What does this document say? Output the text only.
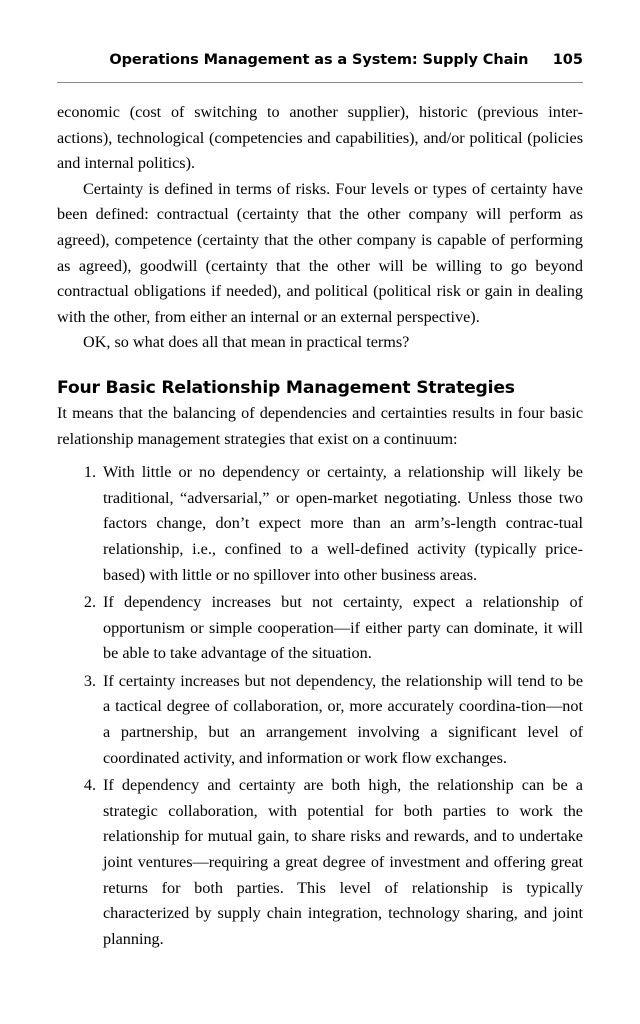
Operations Management as a System: Supply Chain	105

economic (cost of switching to another supplier), historic (previous inter-actions), technological (competencies and capabilities), and/or political (policies and internal politics).

Certainty is defined in terms of risks. Four levels or types of certainty have been defined: contractual (certainty that the other company will perform as agreed), competence (certainty that the other company is capable of performing as agreed), goodwill (certainty that the other will be willing to go beyond contractual obligations if needed), and political (political risk or gain in dealing with the other, from either an internal or an external perspective).

OK, so what does all that mean in practical terms?

Four Basic Relationship Management Strategies

It means that the balancing of dependencies and certainties results in four basic relationship management strategies that exist on a continuum:

1. With little or no dependency or certainty, a relationship will likely be traditional, “adversarial,” or open-market negotiating. Unless those two factors change, don’t expect more than an arm’s-length contrac-tual relationship, i.e., confined to a well-defined activity (typically price-based) with little or no spillover into other business areas.
2. If dependency increases but not certainty, expect a relationship of opportunism or simple cooperation—if either party can dominate, it will be able to take advantage of the situation.
3. If certainty increases but not dependency, the relationship will tend to be a tactical degree of collaboration, or, more accurately coordina-tion—not a partnership, but an arrangement involving a significant level of coordinated activity, and information or work flow exchanges.
4. If dependency and certainty are both high, the relationship can be a strategic collaboration, with potential for both parties to work the relationship for mutual gain, to share risks and rewards, and to undertake joint ventures—requiring a great degree of investment and offering great returns for both parties. This level of relationship is typically characterized by supply chain integration, technology sharing, and joint planning.
